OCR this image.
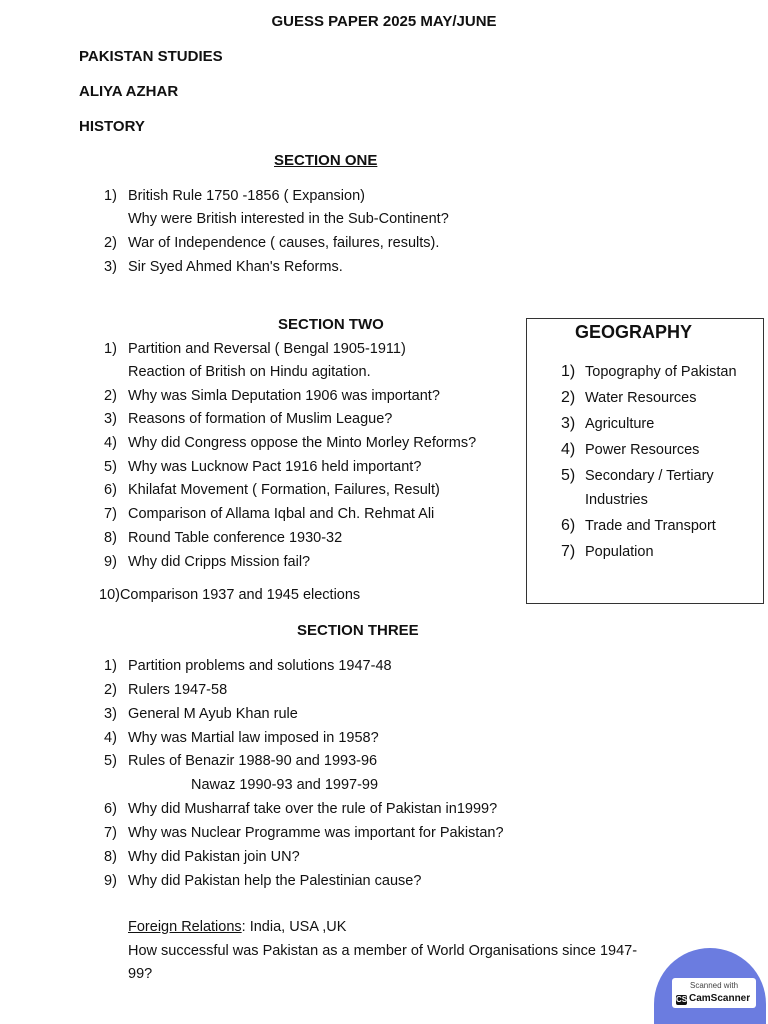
GUESS PAPER 2025 MAY/JUNE
PAKISTAN STUDIES
ALIYA AZHAR
HISTORY
SECTION ONE
1) British Rule 1750 -1856 ( Expansion)
Why were British interested in the Sub-Continent?
2) War of Independence ( causes, failures, results).
3) Sir Syed Ahmed Khan's Reforms.
SECTION TWO
1) Partition and Reversal ( Bengal 1905-1911)
Reaction of British on Hindu agitation.
2) Why was Simla Deputation 1906 was important?
3) Reasons of formation of Muslim League?
4) Why did Congress oppose the Minto Morley Reforms?
5) Why was Lucknow Pact 1916 held important?
6) Khilafat Movement ( Formation, Failures, Result)
7) Comparison of Allama Iqbal and Ch. Rehmat Ali
8) Round Table conference 1930-32
9) Why did Cripps Mission fail?
10)Comparison 1937 and 1945 elections
GEOGRAPHY
1) Topography of Pakistan
2) Water Resources
3) Agriculture
4) Power Resources
5) Secondary / Tertiary
Industries
6) Trade and Transport
7) Population
SECTION THREE
1) Partition problems and solutions 1947-48
2) Rulers 1947-58
3) General M Ayub Khan rule
4) Why was Martial law imposed in 1958?
5) Rules of Benazir 1988-90 and 1993-96
Nawaz 1990-93 and 1997-99
6) Why did Musharraf take over the rule of Pakistan in1999?
7) Why was Nuclear Programme was important for Pakistan?
8) Why did Pakistan join UN?
9) Why did Pakistan help the Palestinian cause?
Foreign Relations: India, USA ,UK
How successful was Pakistan as a member of World Organisations since 1947-
99?
Scanned with
CS CamScanner
